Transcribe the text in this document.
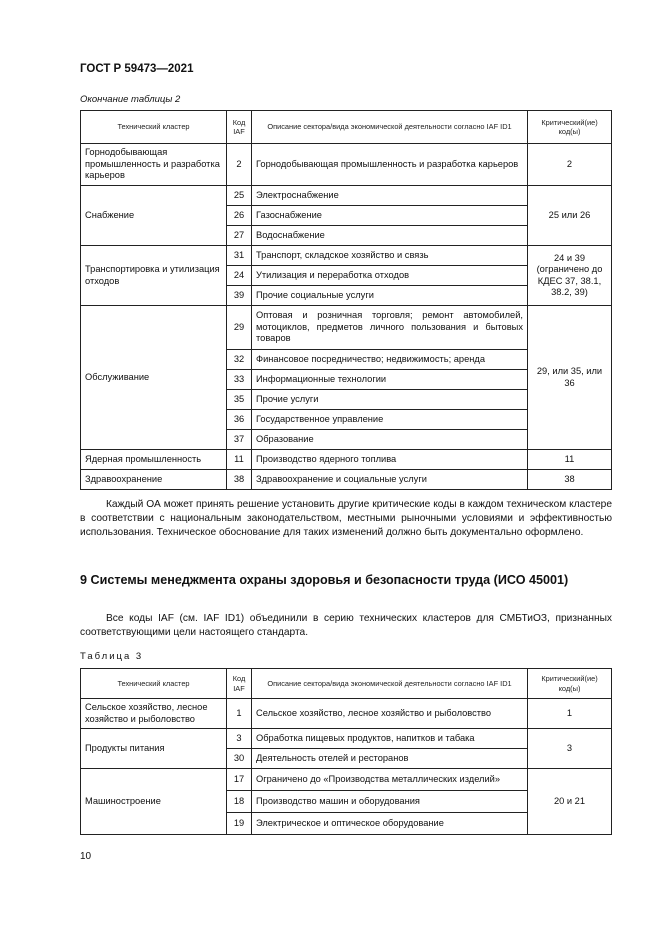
ГОСТ Р 59473—2021
Окончание таблицы 2
Технический кластер	Код IAF	Описание сектора/вида экономической деятельности согласно IAF ID1	Критический(ие) код(ы)
Горнодобывающая промышленность и разработка карьеров	2	Горнодобывающая промышленность и разработка карьеров	2
Снабжение	25	Электроснабжение	25 или 26
	26	Газоснабжение	
	27	Водоснабжение	
Транспортировка и утилизация отходов	31	Транспорт, складское хозяйство и связь	24 и 39 (ограничено до КДЕС 37, 38.1, 38.2, 39)
	24	Утилизация и переработка отходов	
	39	Прочие социальные услуги	
Обслуживание	29	Оптовая и розничная торговля; ремонт автомобилей, мотоциклов, предметов личного пользования и бытовых товаров	29, или 35, или 36
	32	Финансовое посредничество; недвижимость; аренда	
	33	Информационные технологии	
	35	Прочие услуги	
	36	Государственное управление	
	37	Образование	
Ядерная промышленность	11	Производство ядерного топлива	11
Здравоохранение	38	Здравоохранение и социальные услуги	38
Каждый ОА может принять решение установить другие критические коды в каждом техническом кластере в соответствии с национальным законодательством, местными рыночными условиями и эффективностью использования. Техническое обоснование для таких изменений должно быть документально оформлено.
9 Системы менеджмента охраны здоровья и безопасности труда (ИСО 45001)
Все коды IAF (см. IAF ID1) объединили в серию технических кластеров для СМБТиОЗ, признанных соответствующими цели настоящего стандарта.
Таблица 3
Технический кластер	Код IAF	Описание сектора/вида экономической деятельности согласно IAF ID1	Критический(ие) код(ы)
Сельское хозяйство, лесное хозяйство и рыболовство	1	Сельское хозяйство, лесное хозяйство и рыболовство	1
Продукты питания	3	Обработка пищевых продуктов, напитков и табака	3
	30	Деятельность отелей и ресторанов	
Машиностроение	17	Ограничено до «Производства металлических изделий»	20 и 21
	18	Производство машин и оборудования	
	19	Электрическое и оптическое оборудование	
10
